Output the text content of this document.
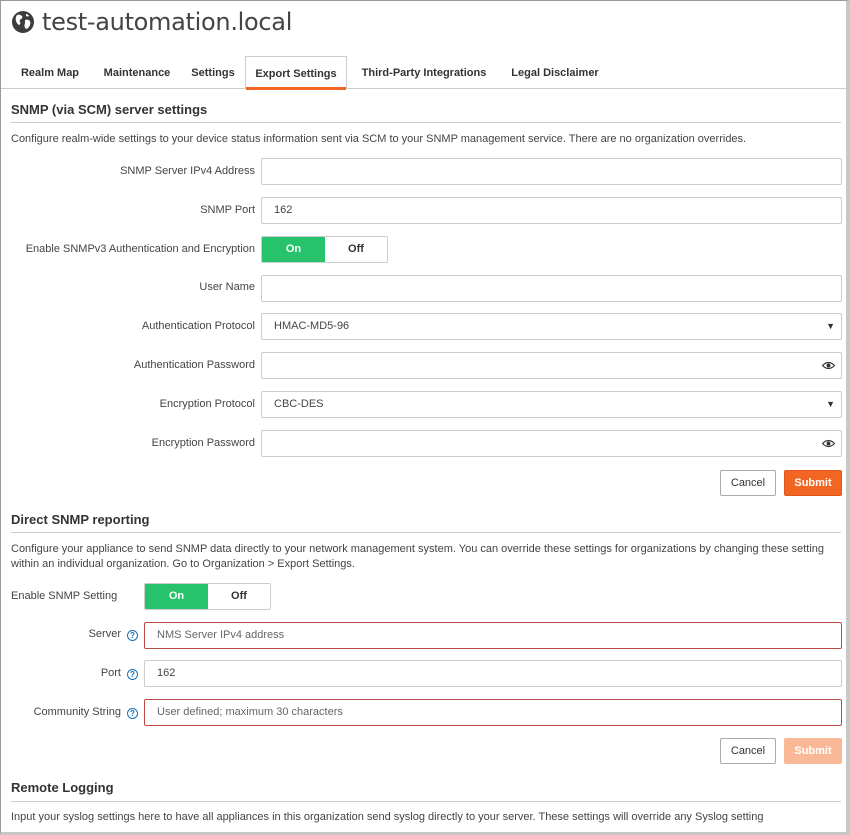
test-automation.local
Realm Map	Maintenance	Settings	Export Settings	Third-Party Integrations	Legal Disclaimer
SNMP (via SCM) server settings
Configure realm-wide settings to your device status information sent via SCM to your SNMP management service. There are no organization overrides.
SNMP Server IPv4 Address
SNMP Port	162
Enable SNMPv3 Authentication and Encryption	On	Off
User Name
Authentication Protocol	HMAC-MD5-96	▼
Authentication Password
Encryption Protocol	CBC-DES	▼
Encryption Password
Cancel	Submit
Direct SNMP reporting
Configure your appliance to send SNMP data directly to your network management system. You can override these settings for organizations by changing these setting within an individual organization. Go to Organization > Export Settings.
Enable SNMP Setting	On	Off
Server ?	NMS Server IPv4 address
Port ?	162
Community String ?	User defined; maximum 30 characters
Cancel	Submit
Remote Logging
Input your syslog settings here to have all appliances in this organization send syslog directly to your server. These settings will override any Syslog setting
